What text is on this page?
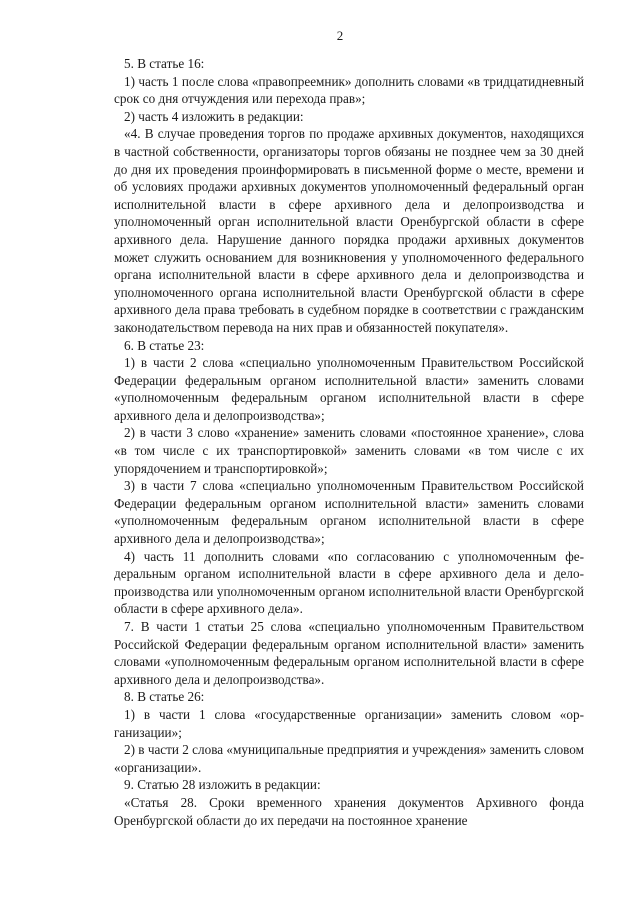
2

5. В статье 16:

1) часть 1 после слова «правопреемник» дополнить словами «в тридцатидневный срок со дня отчуждения или перехода прав»;

2) часть 4 изложить в редакции:

«4. В случае проведения торгов по продаже архивных документов, находящихся в частной собственности, организаторы торгов обязаны не позднее чем за 30 дней до дня их проведения проинформировать в письменной форме о месте, времени и об условиях продажи архивных документов уполномоченный федеральный орган исполнительной власти в сфере архивного дела и делопроизводства и уполномоченный орган исполнительной власти Оренбургской области в сфере архивного дела. Нарушение данного порядка продажи архивных документов может служить основанием для возникновения у уполномоченного федерального органа исполнительной власти в сфере архивного дела и делопроизводства и уполномоченного органа исполнительной власти Оренбургской области в сфере архивного дела права требовать в судебном порядке в соответствии с гражданским законодательством перевода на них прав и обязанностей покупателя».

6. В статье 23:

1) в части 2 слова «специально уполномоченным Правительством Российской Федерации федеральным органом исполнительной власти» заменить словами «уполномоченным федеральным органом исполнительной власти в сфере архивного дела и делопроизводства»;

2) в части 3 слово «хранение» заменить словами «постоянное хранение», слова «в том числе с их транспортировкой» заменить словами «в том числе с их упорядочением и транспортировкой»;

3) в части 7 слова «специально уполномоченным Правительством Российской Федерации федеральным органом исполнительной власти» заменить словами «уполномоченным федеральным органом исполнительной власти в сфере архивного дела и делопроизводства»;

4) часть 11 дополнить словами «по согласованию с уполномоченным федеральным органом исполнительной власти в сфере архивного дела и делопроизводства или уполномоченным органом исполнительной власти Оренбургской области в сфере архивного дела».

7. В части 1 статьи 25 слова «специально уполномоченным Правительством Российской Федерации федеральным органом исполнительной власти» заменить словами «уполномоченным федеральным органом исполнительной власти в сфере архивного дела и делопроизводства».

8. В статье 26:

1) в части 1 слова «государственные организации» заменить словом «организации»;

2) в части 2 слова «муниципальные предприятия и учреждения» заменить словом «организации».

9. Статью 28 изложить в редакции:

«Статья 28. Сроки временного хранения документов Архивного фонда Оренбургской области до их передачи на постоянное хранение
